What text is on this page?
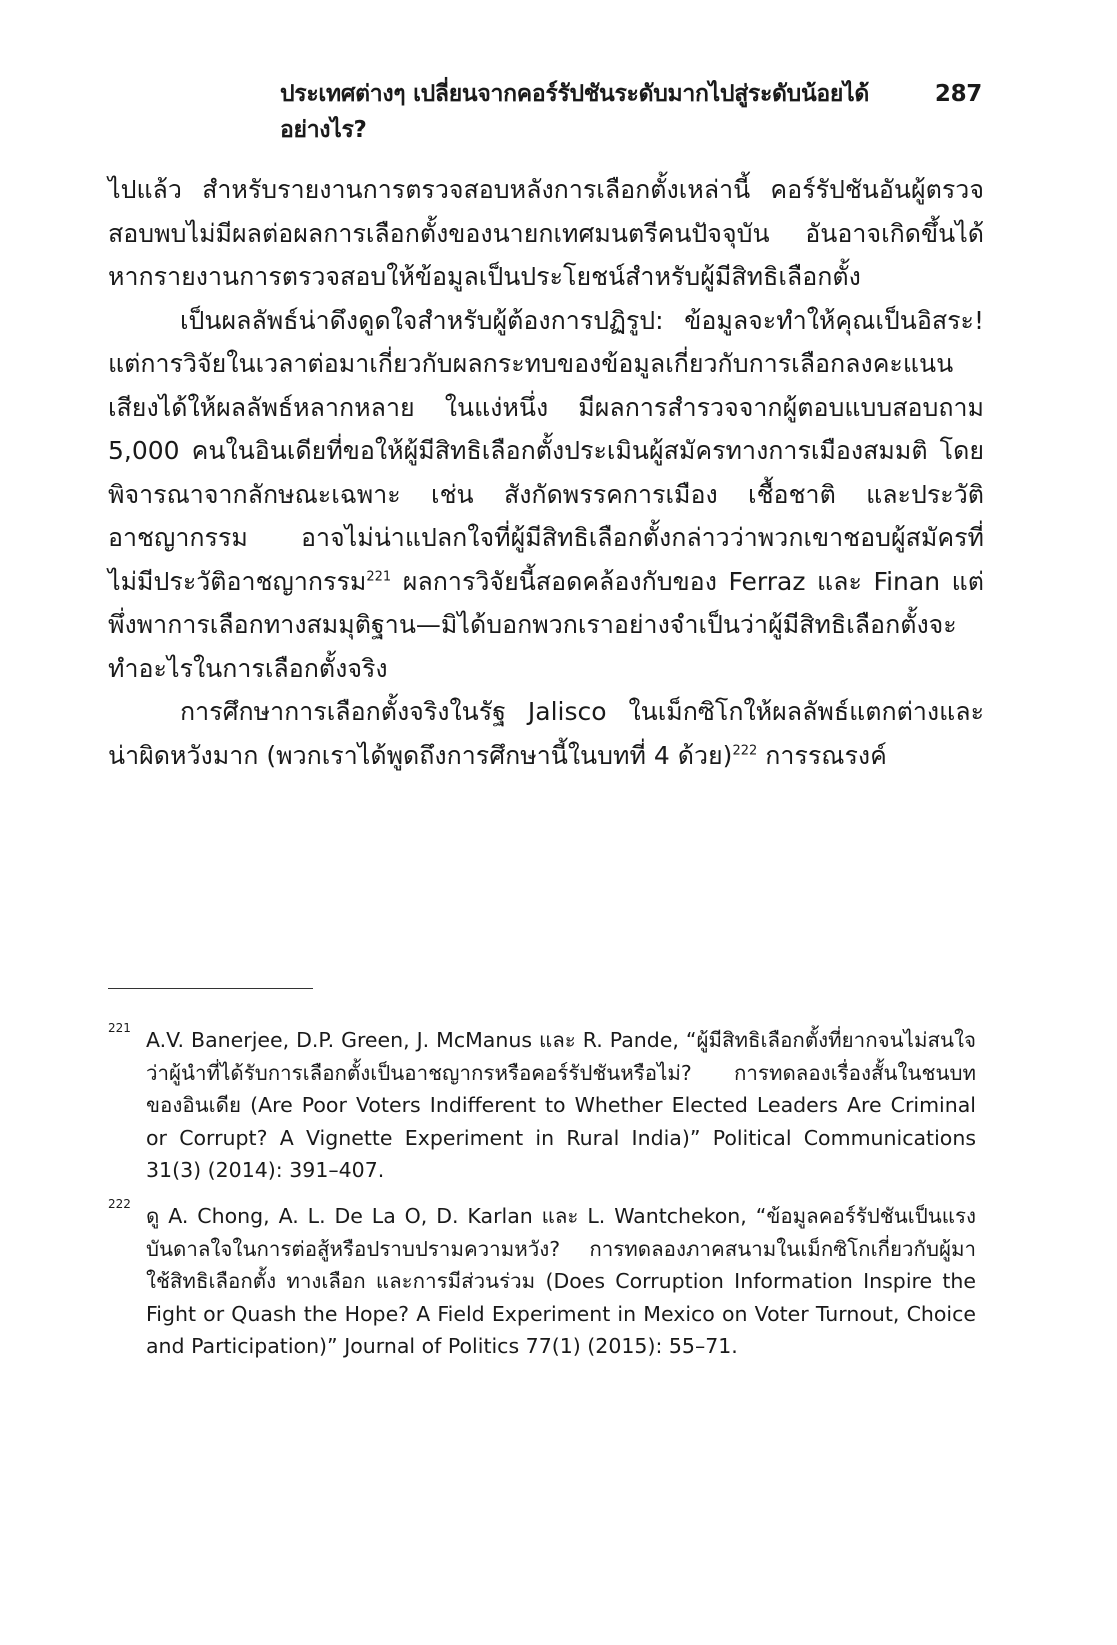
ประเทศต่างๆ เปลี่ยนจากคอร์รัปชันระดับมากไปสู่ระดับน้อยได้อย่างไร?
287

ไปแล้ว สำหรับรายงานการตรวจสอบหลังการเลือกตั้งเหล่านี้ คอร์รัปชันอันผู้ตรวจสอบพบไม่มีผลต่อผลการเลือกตั้งของนายกเทศมนตรีคนปัจจุบัน อันอาจเกิดขึ้นได้หากรายงานการตรวจสอบให้ข้อมูลเป็นประโยชน์สำหรับผู้มีสิทธิเลือกตั้ง

เป็นผลลัพธ์น่าดึงดูดใจสำหรับผู้ต้องการปฏิรูป: ข้อมูลจะทำให้คุณเป็นอิสระ! แต่การวิจัยในเวลาต่อมาเกี่ยวกับผลกระทบของข้อมูลเกี่ยวกับการเลือกลงคะแนนเสียงได้ให้ผลลัพธ์หลากหลาย ในแง่หนึ่ง มีผลการสำรวจจากผู้ตอบแบบสอบถาม 5,000 คนในอินเดียที่ขอให้ผู้มีสิทธิเลือกตั้งประเมินผู้สมัครทางการเมืองสมมติ โดยพิจารณาจากลักษณะเฉพาะ เช่น สังกัดพรรคการเมือง เชื้อชาติ และประวัติอาชญากรรม อาจไม่น่าแปลกใจที่ผู้มีสิทธิเลือกตั้งกล่าวว่าพวกเขาชอบผู้สมัครที่ไม่มีประวัติอาชญากรรม$^{221}$ ผลการวิจัยนี้สอดคล้องกับของ Ferraz และ Finan แต่พึ่งพาการเลือกทางสมมุติฐาน—มิได้บอกพวกเราอย่างจำเป็นว่าผู้มีสิทธิเลือกตั้งจะทำอะไรในการเลือกตั้งจริง

การศึกษาการเลือกตั้งจริงในรัฐ Jalisco ในเม็กซิโกให้ผลลัพธ์แตกต่างและน่าผิดหวังมาก (พวกเราได้พูดถึงการศึกษานี้ในบทที่ 4 ด้วย)$^{222}$ การรณรงค์

221 A.V. Banerjee, D.P. Green, J. McManus และ R. Pande, “ผู้มีสิทธิเลือกตั้งที่ยากจนไม่สนใจว่าผู้นำที่ได้รับการเลือกตั้งเป็นอาชญากรหรือคอร์รัปชันหรือไม่? การทดลองเรื่องสั้นในชนบทของอินเดีย (Are Poor Voters Indifferent to Whether Elected Leaders Are Criminal or Corrupt? A Vignette Experiment in Rural India)” Political Communications 31(3) (2014): 391–407.
222 ดู A. Chong, A. L. De La O, D. Karlan และ L. Wantchekon, “ข้อมูลคอร์รัปชันเป็นแรงบันดาลใจในการต่อสู้หรือปราบปรามความหวัง? การทดลองภาคสนามในเม็กซิโกเกี่ยวกับผู้มาใช้สิทธิเลือกตั้ง ทางเลือก และการมีส่วนร่วม (Does Corruption Information Inspire the Fight or Quash the Hope? A Field Experiment in Mexico on Voter Turnout, Choice and Participation)” Journal of Politics 77(1) (2015): 55–71.
